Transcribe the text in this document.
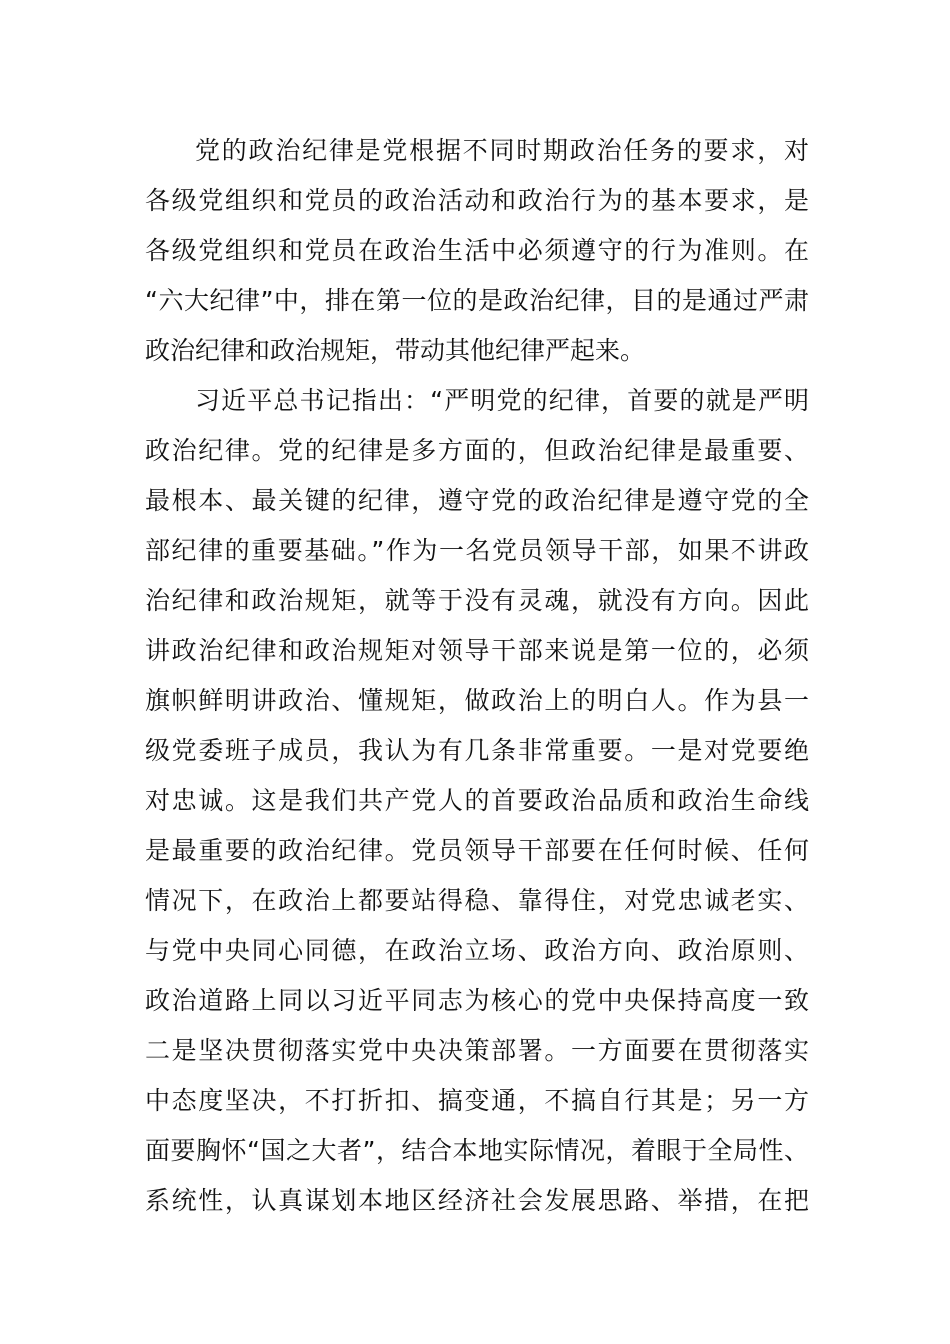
党的政治纪律是党根据不同时期政治任务的要求，对
各级党组织和党员的政治活动和政治行为的基本要求，是
各级党组织和党员在政治生活中必须遵守的行为准则。在
“六大纪律”中，排在第一位的是政治纪律，目的是通过严肃
政治纪律和政治规矩，带动其他纪律严起来。
习近平总书记指出：“严明党的纪律，首要的就是严明
政治纪律。党的纪律是多方面的，但政治纪律是最重要、
最根本、最关键的纪律，遵守党的政治纪律是遵守党的全
部纪律的重要基础。”作为一名党员领导干部，如果不讲政
治纪律和政治规矩，就等于没有灵魂，就没有方向。因此
讲政治纪律和政治规矩对领导干部来说是第一位的，必须
旗帜鲜明讲政治、懂规矩，做政治上的明白人。作为县一
级党委班子成员，我认为有几条非常重要。一是对党要绝
对忠诚。这是我们共产党人的首要政治品质和政治生命线
是最重要的政治纪律。党员领导干部要在任何时候、任何
情况下，在政治上都要站得稳、靠得住，对党忠诚老实、
与党中央同心同德，在政治立场、政治方向、政治原则、
政治道路上同以习近平同志为核心的党中央保持高度一致
二是坚决贯彻落实党中央决策部署。一方面要在贯彻落实
中态度坚决，不打折扣、搞变通，不搞自行其是；另一方
面要胸怀“国之大者”，结合本地实际情况，着眼于全局性、
系统性，认真谋划本地区经济社会发展思路、举措，在把
